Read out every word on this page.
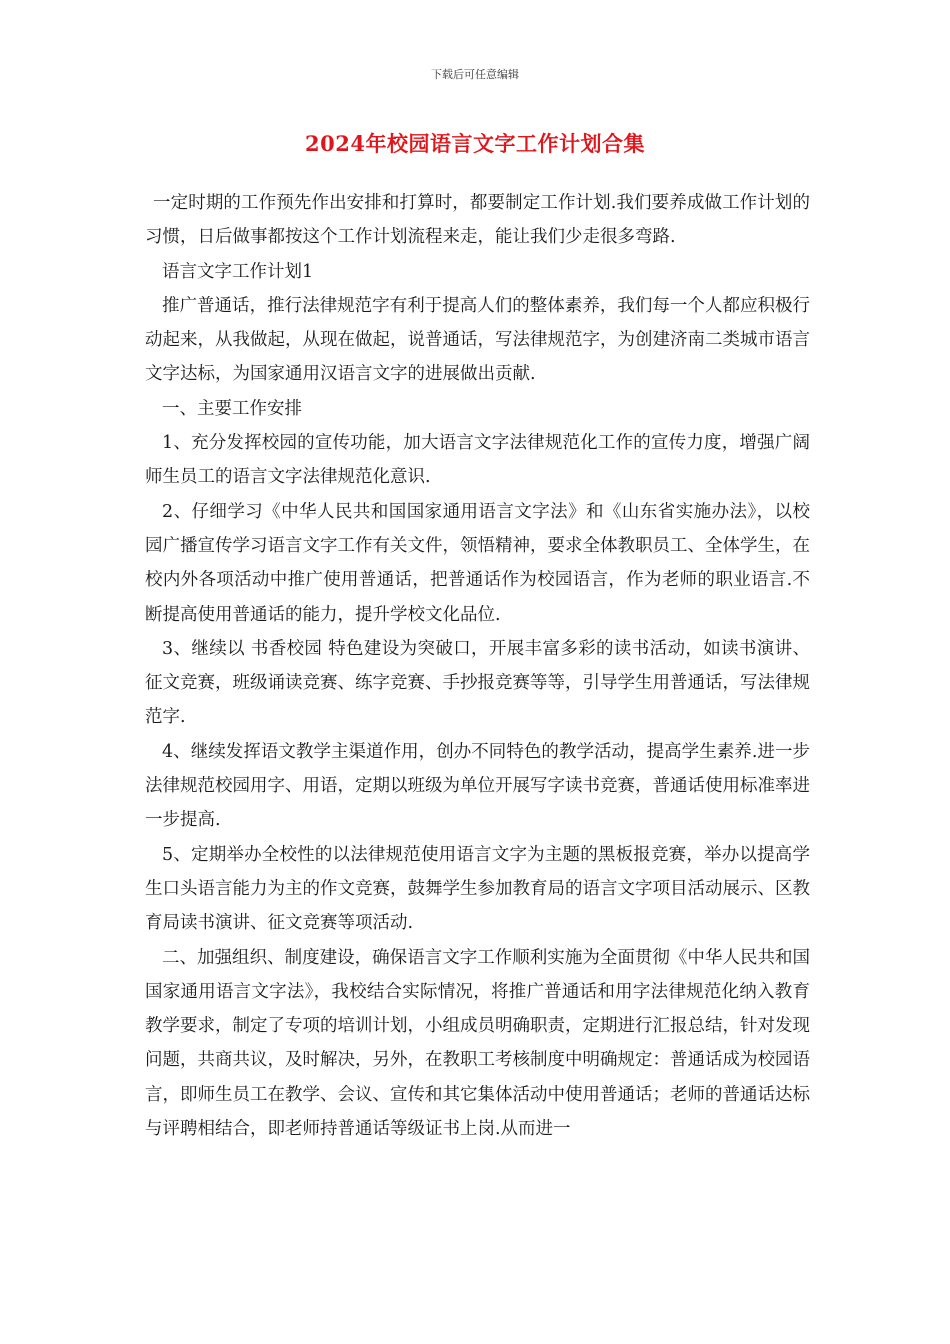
下载后可任意编辑
2024年校园语言文字工作计划合集

一定时期的工作预先作出安排和打算时，都要制定工作计划.我们要养成做工作计划的习惯，日后做事都按这个工作计划流程来走，能让我们少走很多弯路.

语言文字工作计划1

推广普通话，推行法律规范字有利于提高人们的整体素养，我们每一个人都应积极行动起来，从我做起，从现在做起，说普通话，写法律规范字，为创建济南二类城市语言文字达标，为国家通用汉语言文字的进展做出贡献.

一、主要工作安排

1、充分发挥校园的宣传功能，加大语言文字法律规范化工作的宣传力度，增强广阔师生员工的语言文字法律规范化意识.

2、仔细学习《中华人民共和国国家通用语言文字法》和《山东省实施办法》，以校园广播宣传学习语言文字工作有关文件，领悟精神，要求全体教职员工、全体学生，在校内外各项活动中推广使用普通话，把普通话作为校园语言，作为老师的职业语言.不断提高使用普通话的能力，提升学校文化品位.

3、继续以 书香校园 特色建设为突破口，开展丰富多彩的读书活动，如读书演讲、征文竞赛，班级诵读竞赛、练字竞赛、手抄报竞赛等等，引导学生用普通话，写法律规范字.

4、继续发挥语文教学主渠道作用，创办不同特色的教学活动，提高学生素养.进一步法律规范校园用字、用语，定期以班级为单位开展写字读书竞赛，普通话使用标准率进一步提高.

5、定期举办全校性的以法律规范使用语言文字为主题的黑板报竞赛，举办以提高学生口头语言能力为主的作文竞赛，鼓舞学生参加教育局的语言文字项目活动展示、区教育局读书演讲、征文竞赛等项活动.

二、加强组织、制度建设，确保语言文字工作顺利实施为全面贯彻《中华人民共和国国家通用语言文字法》，我校结合实际情况，将推广普通话和用字法律规范化纳入教育教学要求，制定了专项的培训计划，小组成员明确职责，定期进行汇报总结，针对发现问题，共商共议，及时解决，另外，在教职工考核制度中明确规定：普通话成为校园语言，即师生员工在教学、会议、宣传和其它集体活动中使用普通话；老师的普通话达标与评聘相结合，即老师持普通话等级证书上岗.从而进一
